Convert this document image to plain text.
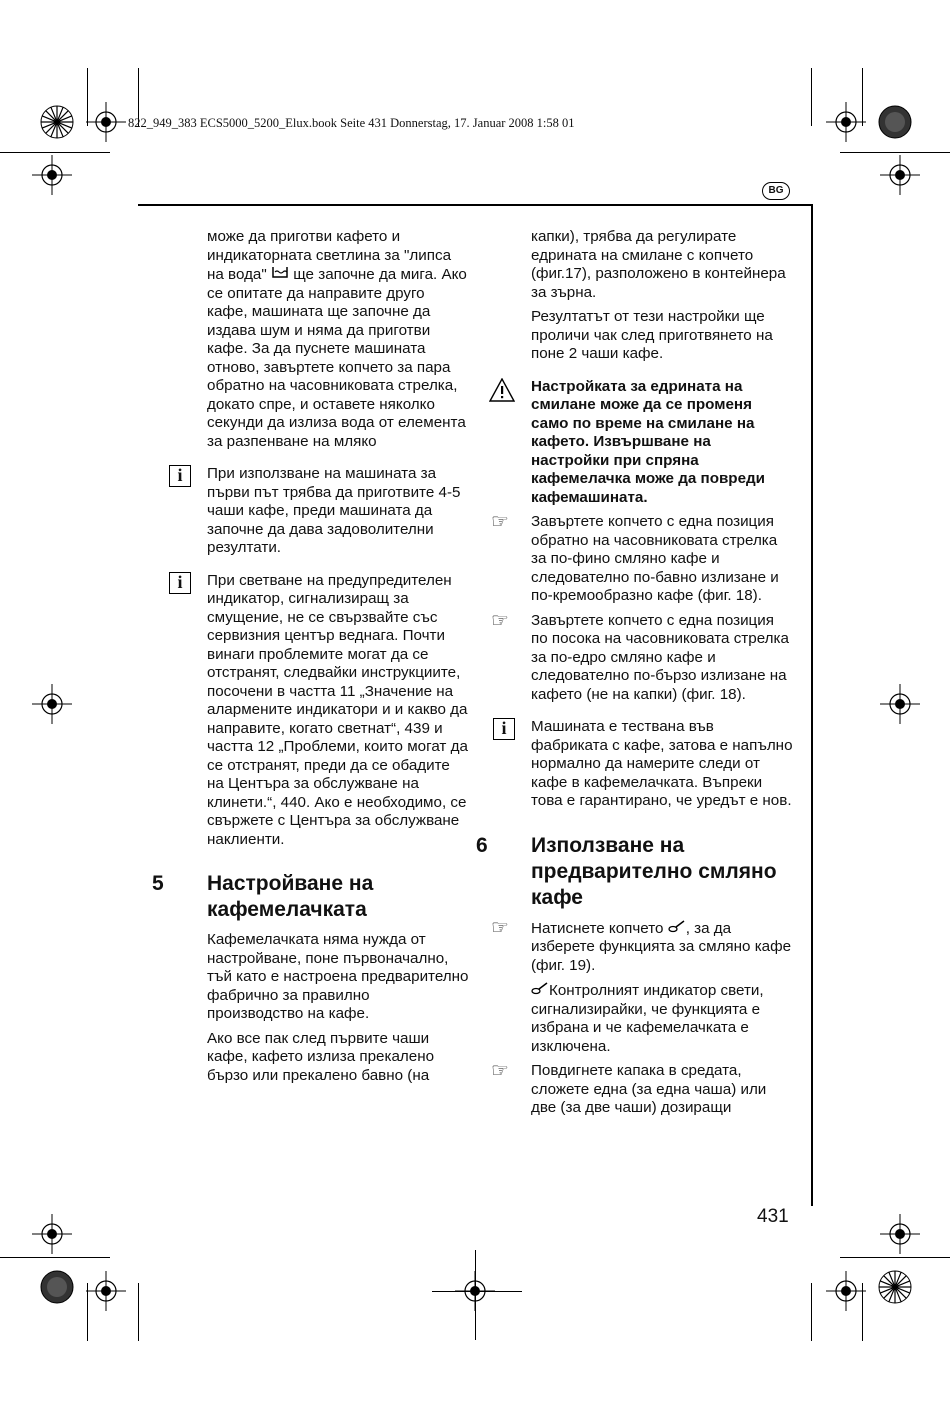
822_949_383 ECS5000_5200_Elux.book Seite 431 Donnerstag, 17. Januar 2008 1:58 01
BG

може да приготви кафето и индикаторната светлина за "липса на вода" ще започне да мига. Ако се опитате да направите друго кафе, машината ще започне да издава шум и няма да приготви кафе. За да пуснете машината отново, завъртете копчето за пара обратно на часовниковата стрелка, докато спре, и оставете няколко секунди да излиза вода от елемента за разпенване на мляко

i	При използване на машината за първи път трябва да приготвите 4-5 чаши кафе, преди машината да започне да дава задоволителни резултати.

i	При светване на предупредителен индикатор, сигнализиращ за смущение, не се свързвайте със сервизния център веднага. Почти винаги проблемите могат да се отстранят, следвайки инструкциите, посочени в частта 11 „Значение на алармените индикатори и и какво да направите, когато светнат“, 439 и частта 12 „Проблеми, които могат да се отстранят, преди да се обадите на Центъра за обслужване на клинети.“, 440. Ако е необходимо, се свържете с Центъра за обслужване наклиенти.

5 Настройване на кафемелачката

Кафемелачката няма нужда от настройване, поне първоначално, тъй като е настроена предварително фабрично за правилно производство на кафе.

Ако все пак след първите чаши кафе, кафето излиза прекалено бързо или прекалено бавно (на

капки), трябва да регулирате едрината на смилане с копчето (фиг.17), разположено в контейнера за зърна.

Резултатът от тези настройки ще проличи чак след приготвянето на поне 2 чаши кафе.

Настройката за едрината на смилане може да се променя само по време на смилане на кафето. Извършване на настройки при спряна кафемелачка може да повреди кафемашината.

☞ Завъртете копчето с една позиция обратно на часовниковата стрелка за по-фино смляно кафе и следователно по-бавно излизане и по-кремообразно кафе (фиг. 18).

☞ Завъртете копчето с една позиция по посока на часовниковата стрелка за по-едро смляно кафе и следователно по-бързо излизане на кафето (не на капки) (фиг. 18).

i	Машината е тествана във фабриката с кафе, затова е напълно нормално да намерите следи от кафе в кафемелачката. Въпреки това е гарантирано, че уредът е нов.

6 Използване на предварително смляно кафе
☞ Натиснете копчето , за да изберете функцията за смляно кафе (фиг. 19).

Контролният индикатор свети, сигнализирайки, че функцията е избрана и че кафемелачката е изключена.

☞ Повдигнете капака в средата, сложете една (за една чаша) или две (за две чаши) дозиращи

431
